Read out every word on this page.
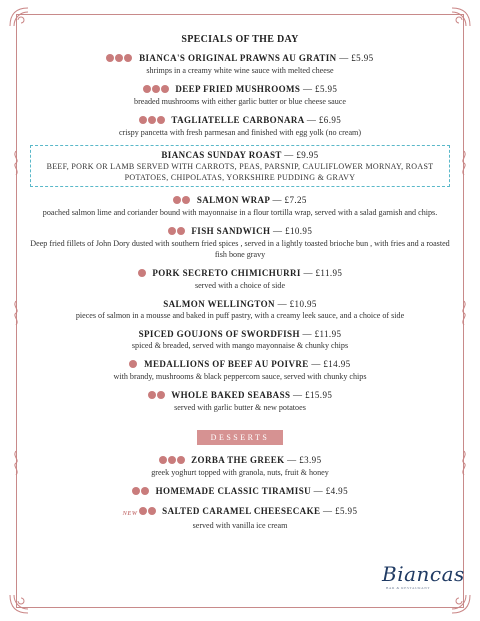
SPECIALS OF THE DAY
BIANCA'S ORIGINAL PRAWNS AU GRATIN — £5.95
shrimps in a creamy white wine sauce with melted cheese
DEEP FRIED MUSHROOMS — £5.95
breaded mushrooms with either garlic butter or blue cheese sauce
TAGLIATELLE CARBONARA — £6.95
crispy pancetta with fresh parmesan and finished with egg yolk (no cream)
BIANCAS SUNDAY ROAST — £9.95
BEEF, PORK OR LAMB SERVED WITH CARROTS, PEAS, PARSNIP, CAULIFLOWER MORNAY, ROAST POTATOES, CHIPOLATAS, YORKSHIRE PUDDING & GRAVY
SALMON WRAP — £7.25
poached salmon lime and coriander bound with mayonnaise in a flour tortilla wrap, served with a salad garnish and chips.
FISH SANDWICH — £10.95
Deep fried fillets of John Dory dusted with southern fried spices , served in a lightly toasted brioche bun , with fries and a roasted fish bone gravy
PORK SECRETO CHIMICHURRI — £11.95
served with a choice of side
SALMON WELLINGTON — £10.95
pieces of salmon in a mousse and baked in puff pastry, with a creamy leek sauce, and a choice of side
SPICED GOUJONS OF SWORDFISH — £11.95
spiced & breaded, served with mango mayonnaise & chunky chips
MEDALLIONS OF BEEF AU POIVRE — £14.95
with brandy, mushrooms & black peppercorn sauce, served with chunky chips
WHOLE BAKED SEABASS — £15.95
served with garlic butter & new potatoes
DESSERTS
ZORBA THE GREEK — £3.95
greek yoghurt topped with granola, nuts, fruit & honey
HOMEMADE CLASSIC TIRAMISU — £4.95
NEW	SALTED CARAMEL CHEESECAKE — £5.95
served with vanilla ice cream
Biancas
BAR & RESTAURANT
